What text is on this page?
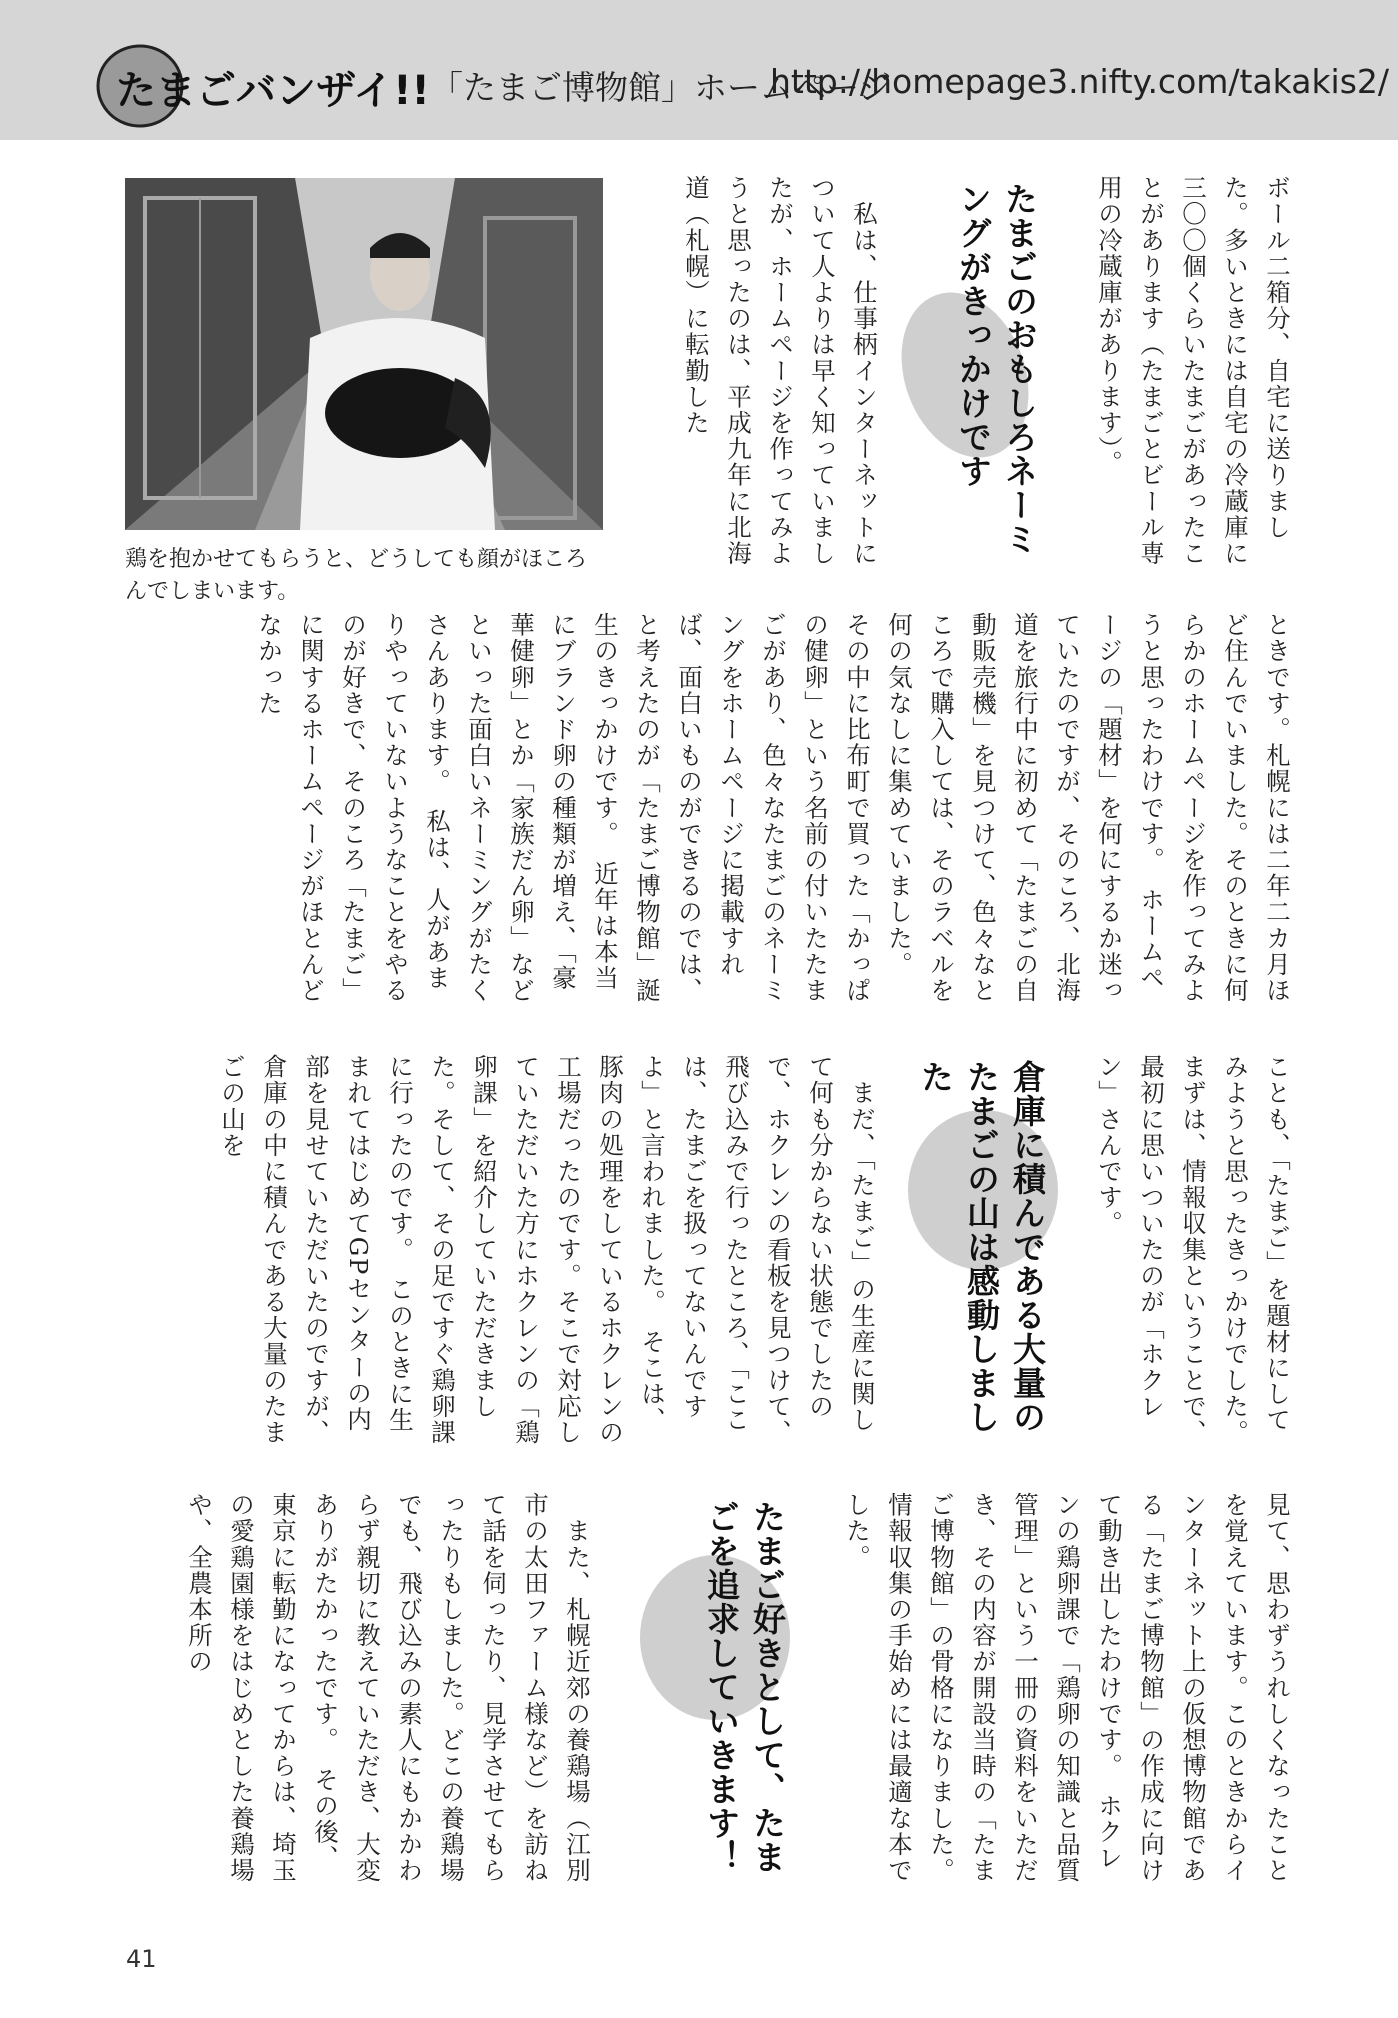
たまごバンザイ!! 「たまご博物館」ホームページ
http://homepage3.nifty.com/takakis2/
鶏を抱かせてもらうと、どうしても顔がほころんでしまいます。
ボール二箱分、自宅に送りました。多いときには自宅の冷蔵庫に三〇〇個くらいたまごがあったことがあります（たまごとビール専用の冷蔵庫があります）。
たまごのおもしろネーミングがきっかけです
　私は、仕事柄インターネットについて人よりは早く知っていましたが、ホームページを作ってみようと思ったのは、平成九年に北海道（札幌）に転勤した
ときです。札幌には二年二カ月ほど住んでいました。そのときに何らかのホームページを作ってみようと思ったわけです。　ホームページの「題材」を何にするか迷っていたのですが、そのころ、北海道を旅行中に初めて「たまごの自動販売機」を見つけて、色々なところで購入しては、そのラベルを何の気なしに集めていました。　その中に比布町で買った「かっぱの健卵」という名前の付いたたまごがあり、色々なたまごのネーミングをホームページに掲載すれば、面白いものができるのでは、と考えたのが「たまご博物館」誕生のきっかけです。　近年は本当にブランド卵の種類が増え、「豪華健卵」とか「家族だん卵」などといった面白いネーミングがたくさんあります。　私は、人があまりやっていないようなことをやるのが好きで、そのころ「たまご」に関するホームページがほとんどなかった
ことも、「たまご」を題材にしてみようと思ったきっかけでした。　まずは、情報収集ということで、最初に思いついたのが「ホクレン」さんです。
倉庫に積んである大量のたまごの山は感動しました
　まだ、「たまご」の生産に関して何も分からない状態でしたので、ホクレンの看板を見つけて、飛び込みで行ったところ、「ここは、たまごを扱ってないんですよ」と言われました。　そこは、豚肉の処理をしているホクレンの工場だったのです。そこで対応していただいた方にホクレンの「鶏卵課」を紹介していただきました。そして、その足ですぐ鶏卵課に行ったのです。　このときに生まれてはじめてGPセンターの内部を見せていただいたのですが、倉庫の中に積んである大量のたまごの山を
見て、思わずうれしくなったことを覚えています。このときからインターネット上の仮想博物館である「たまご博物館」の作成に向けて動き出したわけです。　ホクレンの鶏卵課で「鶏卵の知識と品質管理」という一冊の資料をいただき、その内容が開設当時の「たまご博物館」の骨格になりました。情報収集の手始めには最適な本でした。
たまご好きとして、たまごを追求していきます！
　また、札幌近郊の養鶏場（江別市の太田ファーム様など）を訪ねて話を伺ったり、見学させてもらったりもしました。どこの養鶏場でも、飛び込みの素人にもかかわらず親切に教えていただき、大変ありがたかったです。　その後、東京に転勤になってからは、埼玉の愛鶏園様をはじめとした養鶏場や、全農本所の
41
